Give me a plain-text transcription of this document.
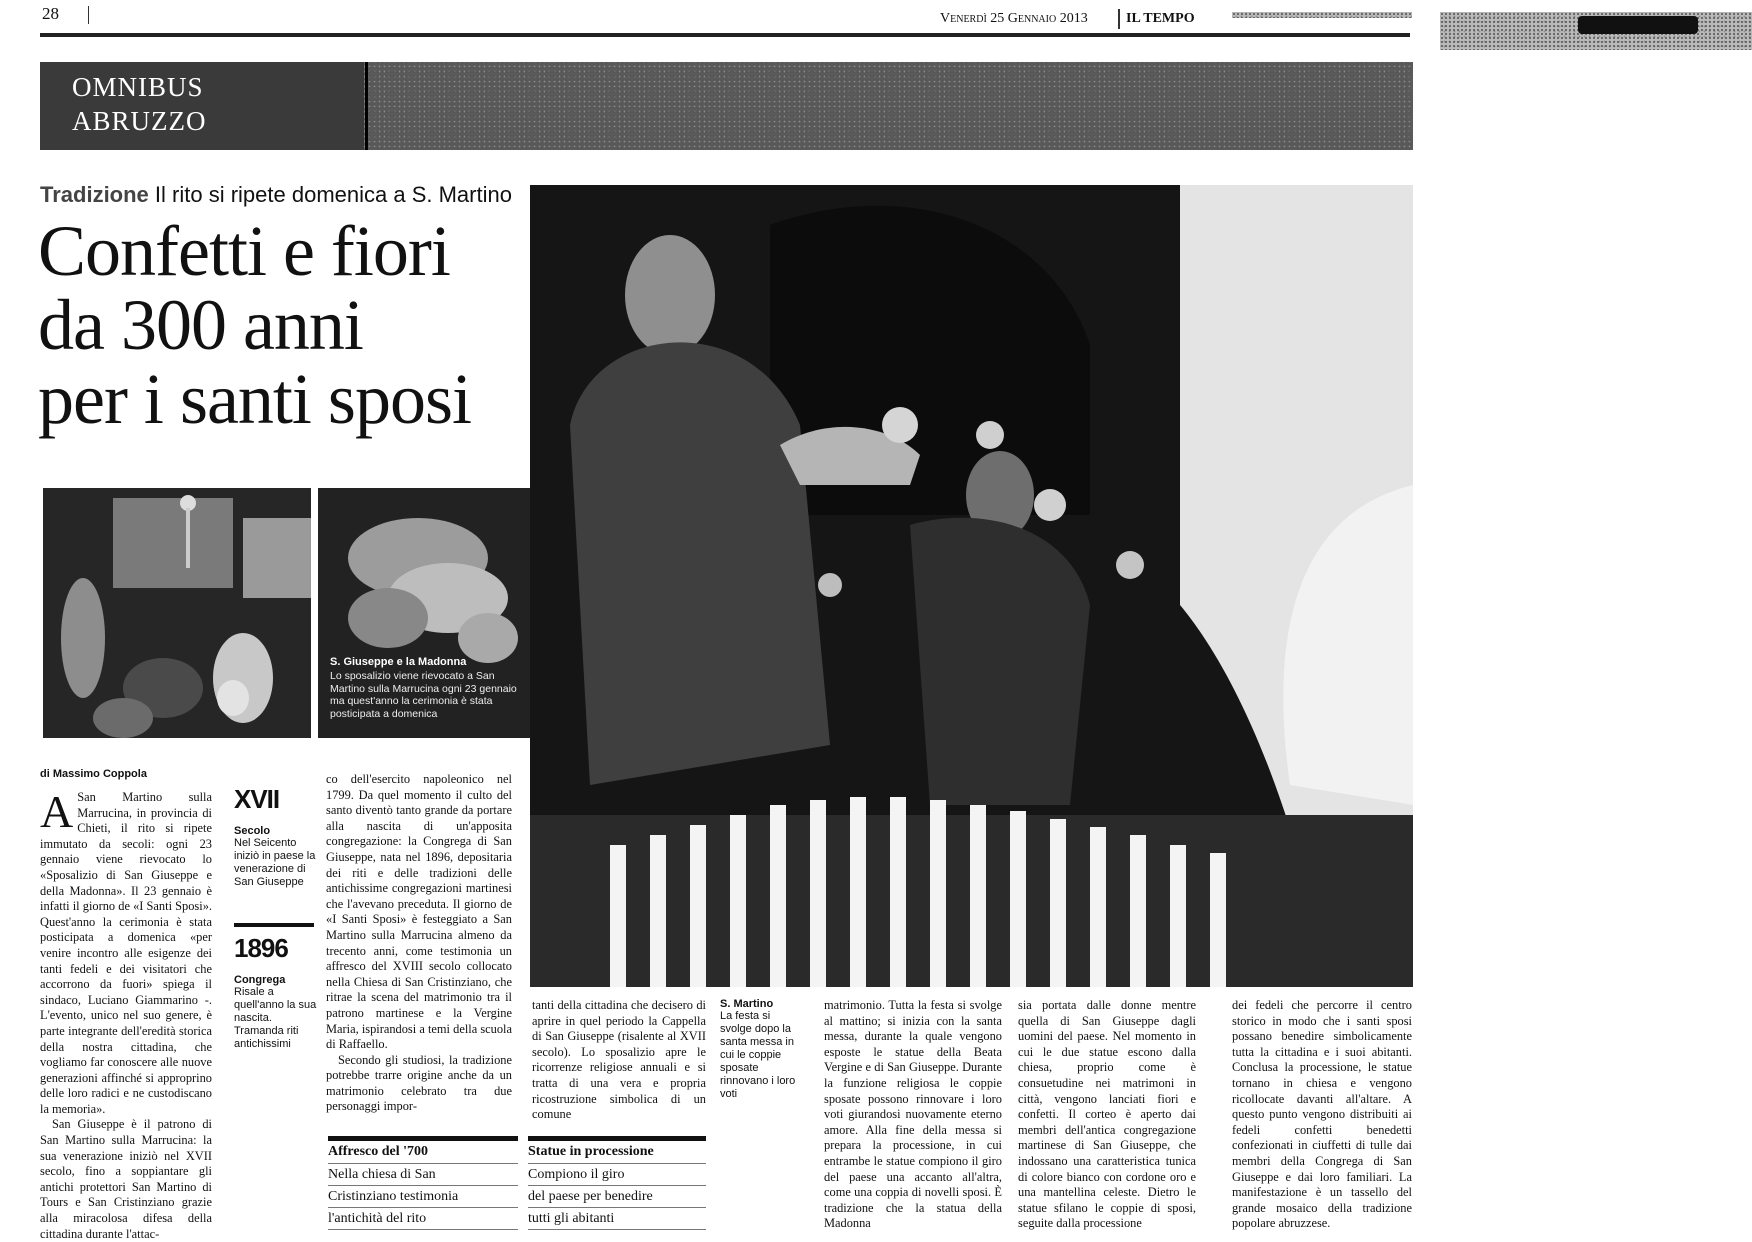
28	Venerdì 25 Gennaio 2013	IL TEMPO
OMNIBUS
ABRUZZO
Tradizione Il rito si ripete domenica a S. Martino
Confetti e fiori
da 300 anni
per i santi sposi
S. Giuseppe e la Madonna
Lo sposalizio viene rievocato a San Martino sulla Marrucina ogni 23 gennaio ma quest'anno la cerimonia è stata posticipata a domenica
di Massimo Coppola
A San Martino sulla Marrucina, in provincia di Chieti, il rito si ripete immutato da secoli: ogni 23 gennaio viene rievocato lo «Sposalizio di San Giuseppe e della Madonna». Il 23 gennaio è infatti il giorno de «I Santi Sposi». Quest'anno la cerimonia è stata posticipata a domenica «per venire incontro alle esigenze dei tanti fedeli e dei visitatori che accorrono da fuori» spiega il sindaco, Luciano Giammarino -. L'evento, unico nel suo genere, è parte integrante dell'eredità storica della nostra cittadina, che vogliamo far conoscere alle nuove generazioni affinché si approprino delle loro radici e ne custodiscano la memoria».

San Giuseppe è il patrono di San Martino sulla Marrucina: la sua venerazione iniziò nel XVII secolo, fino a soppiantare gli antichi protettori San Martino di Tours e San Cristinziano grazie alla miracolosa difesa della cittadina durante l'attac-

XVII
Secolo
Nel Seicento iniziò in paese la venerazione di San Giuseppe
1896
Congrega
Risale a quell'anno la sua nascita. Tramanda riti antichissimi

co dell'esercito napoleonico nel 1799. Da quel momento il culto del santo diventò tanto grande da portare alla nascita di un'apposita congregazione: la Congrega di San Giuseppe, nata nel 1896, depositaria dei riti e delle tradizioni delle antichissime congregazioni martinesi che l'avevano preceduta. Il giorno de «I Santi Sposi» è festeggiato a San Martino sulla Marrucina almeno da trecento anni, come testimonia un affresco del XVIII secolo collocato nella Chiesa di San Cristinziano, che ritrae la scena del matrimonio tra il patrono martinese e la Vergine Maria, ispirandosi a temi della scuola di Raffaello.

Secondo gli studiosi, la tradizione potrebbe trarre origine anche da un matrimonio celebrato tra due personaggi impor-

Affresco del '700
Nella chiesa di San
Cristinziano testimonia
l'antichità del rito

tanti della cittadina che decisero di aprire in quel periodo la Cappella di San Giuseppe (risalente al XVII secolo). Lo sposalizio apre le ricorrenze religiose annuali e si tratta di una vera e propria ricostruzione simbolica di un comune

S. Martino
La festa si svolge dopo la santa messa in cui le coppie sposate rinnovano i loro voti
Statue in processione
Compiono il giro
del paese per benedire
tutti gli abitanti

matrimonio. Tutta la festa si svolge al mattino; si inizia con la santa messa, durante la quale vengono esposte le statue della Beata Vergine e di San Giuseppe. Durante la funzione religiosa le coppie sposate possono rinnovare i loro voti giurandosi nuovamente eterno amore. Alla fine della messa si prepara la processione, in cui entrambe le statue compiono il giro del paese una accanto all'altra, come una coppia di novelli sposi. È tradizione che la statua della Madonna

sia portata dalle donne mentre quella di San Giuseppe dagli uomini del paese. Nel momento in cui le due statue escono dalla chiesa, proprio come è consuetudine nei matrimoni in città, vengono lanciati fiori e confetti. Il corteo è aperto dai membri dell'antica congregazione martinese di San Giuseppe, che indossano una caratteristica tunica di colore bianco con cordone oro e una mantellina celeste. Dietro le statue sfilano le coppie di sposi, seguite dalla processione

dei fedeli che percorre il centro storico in modo che i santi sposi possano benedire simbolicamente tutta la cittadina e i suoi abitanti. Conclusa la processione, le statue tornano in chiesa e vengono ricollocate davanti all'altare. A questo punto vengono distribuiti ai fedeli confetti benedetti confezionati in ciuffetti di tulle dai membri della Congrega di San Giuseppe e dai loro familiari. La manifestazione è un tassello del grande mosaico della tradizione popolare abruzzese.
